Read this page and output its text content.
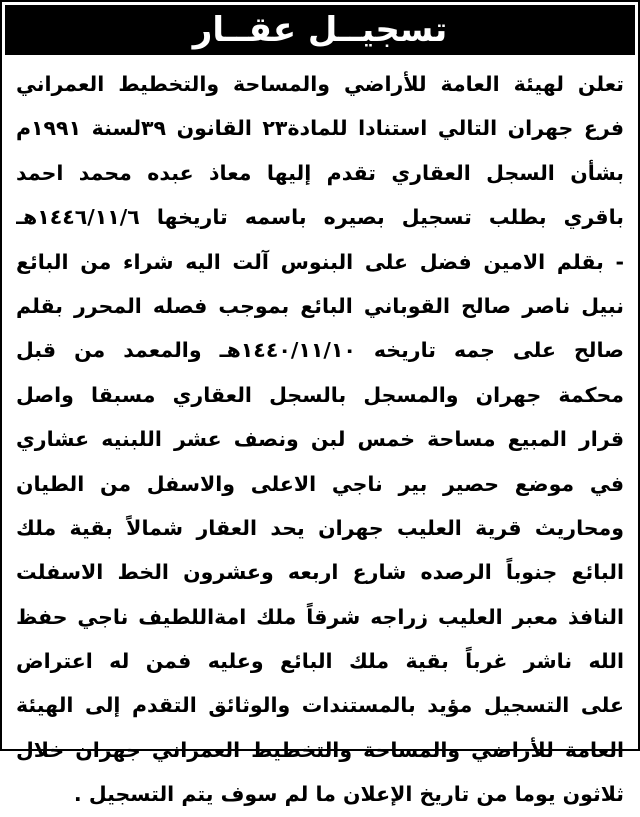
تسجيــل عقــار
تعلن لهيئة العامة للأراضي والمساحة والتخطيط العمراني
فرع جهران التالي استنادا للمادة٢٣ القانون ٣٩لسنة ١٩٩١م
بشأن السجل العقاري تقدم إليها معاذ عبده محمد احمد
باقري بطلب تسجيل بصيره باسمه تاريخها ١٤٤٦/١١/٦هـ
- بقلم الامين فضل على البنوس آلت اليه شراء من البائع
نبيل ناصر صالح القوباني البائع بموجب فصله المحرر بقلم
صالح على جمه تاريخه ١٤٤٠/١١/١٠هـ والمعمد من قبل
محكمة جهران والمسجل بالسجل العقاري مسبقا واصل
قرار المبيع مساحة خمس لبن ونصف عشر اللبنيه عشاري
في موضع حصير بير ناجي الاعلى والاسفل من الطيان
ومحاريث قرية العليب جهران يحد العقار شمالاً بقية ملك
البائع جنوباً الرصده شارع اربعه وعشرون الخط الاسفلت
النافذ معبر العليب زراجه شرقاً ملك امةاللطيف ناجي حفظ
الله ناشر غرباً بقية ملك البائع وعليه فمن له اعتراض
على التسجيل مؤيد بالمستندات والوثائق التقدم إلى الهيئة
العامة للأراضي والمساحة والتخطيط العمراني جهران خلال
ثلاثون يوما من تاريخ الإعلان ما لم سوف يتم التسجيل .
